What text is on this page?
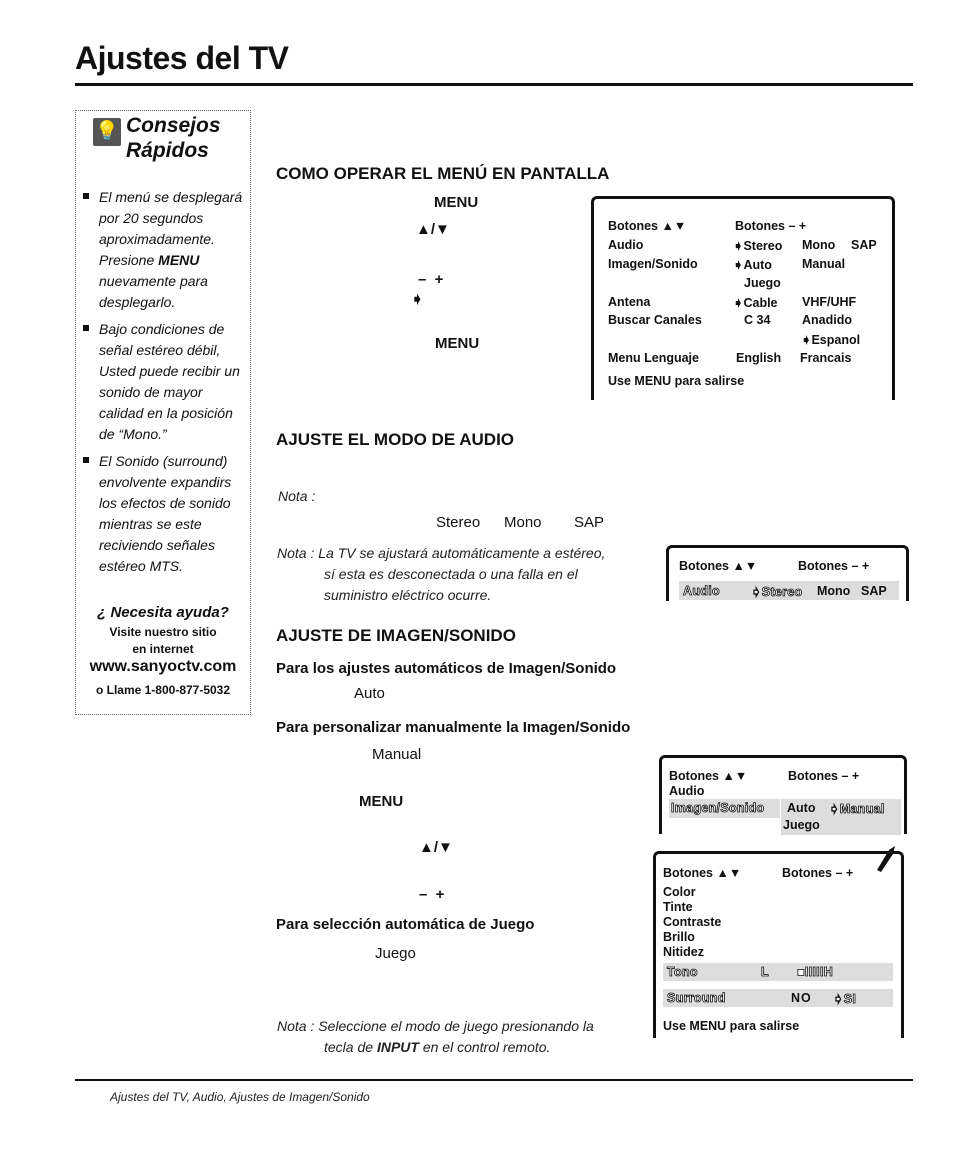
Ajustes del TV
💡 Consejos
Rápidos
El menú se desplegará
por 20 segundos
aproximadamente.
Presione MENU
nuevamente para
desplegarlo.
Bajo condiciones de
señal estéreo débil,
Usted puede recibir un
sonido de mayor
calidad en la posición
de “Mono.”
El Sonido (surround)
envolvente expandirs
los efectos de sonido
mientras se este
reciviendo señales
estéreo MTS.
¿ Necesita ayuda?
Visite nuestro sitio
en internet
www.sanyoctv.com
o Llame 1-800-877-5032
COMO OPERAR EL MENÚ EN PANTALLA
MENU
▲/▼
–  +
➧
MENU
Botones ▲▼	Botones – +
Audio	➧Stereo Mono SAP
Imagen/Sonido	➧Auto Manual
Juego
Antena	➧Cable VHF/UHF
Buscar Canales	C 34	Anadido
➧Espanol
Menu Lenguaje	English Francais
Use MENU para salirse
AJUSTE EL MODO DE AUDIO
Nota :
Stereo Mono SAP
Nota : La TV se ajustará automáticamente a estéreo,
sí esta es desconectada o una falla en el
suministro eléctrico ocurre.
Botones ▲▼	Botones – +
Audio ➧Stereo Mono SAP
AJUSTE DE IMAGEN/SONIDO
Para los ajustes automáticos de Imagen/Sonido
Auto
Para personalizar manualmente la Imagen/Sonido
Manual
MENU
▲/▼
–  +
Para selección automática de Juego
Juego
Nota : Seleccione el modo de juego presionando la
tecla de INPUT en el control remoto.
Botones ▲▼	Botones – +
Audio
Imagen/Sonido Auto ➧Manual
Juego
Botones ▲▼	Botones – +
Color
Tinte
Contraste
Brillo
Nitidez
Tono	L ■IIIIIH
Surround	NO ➧SI
Use MENU para salirse
Ajustes del TV, Audio, Ajustes de Imagen/Sonido
